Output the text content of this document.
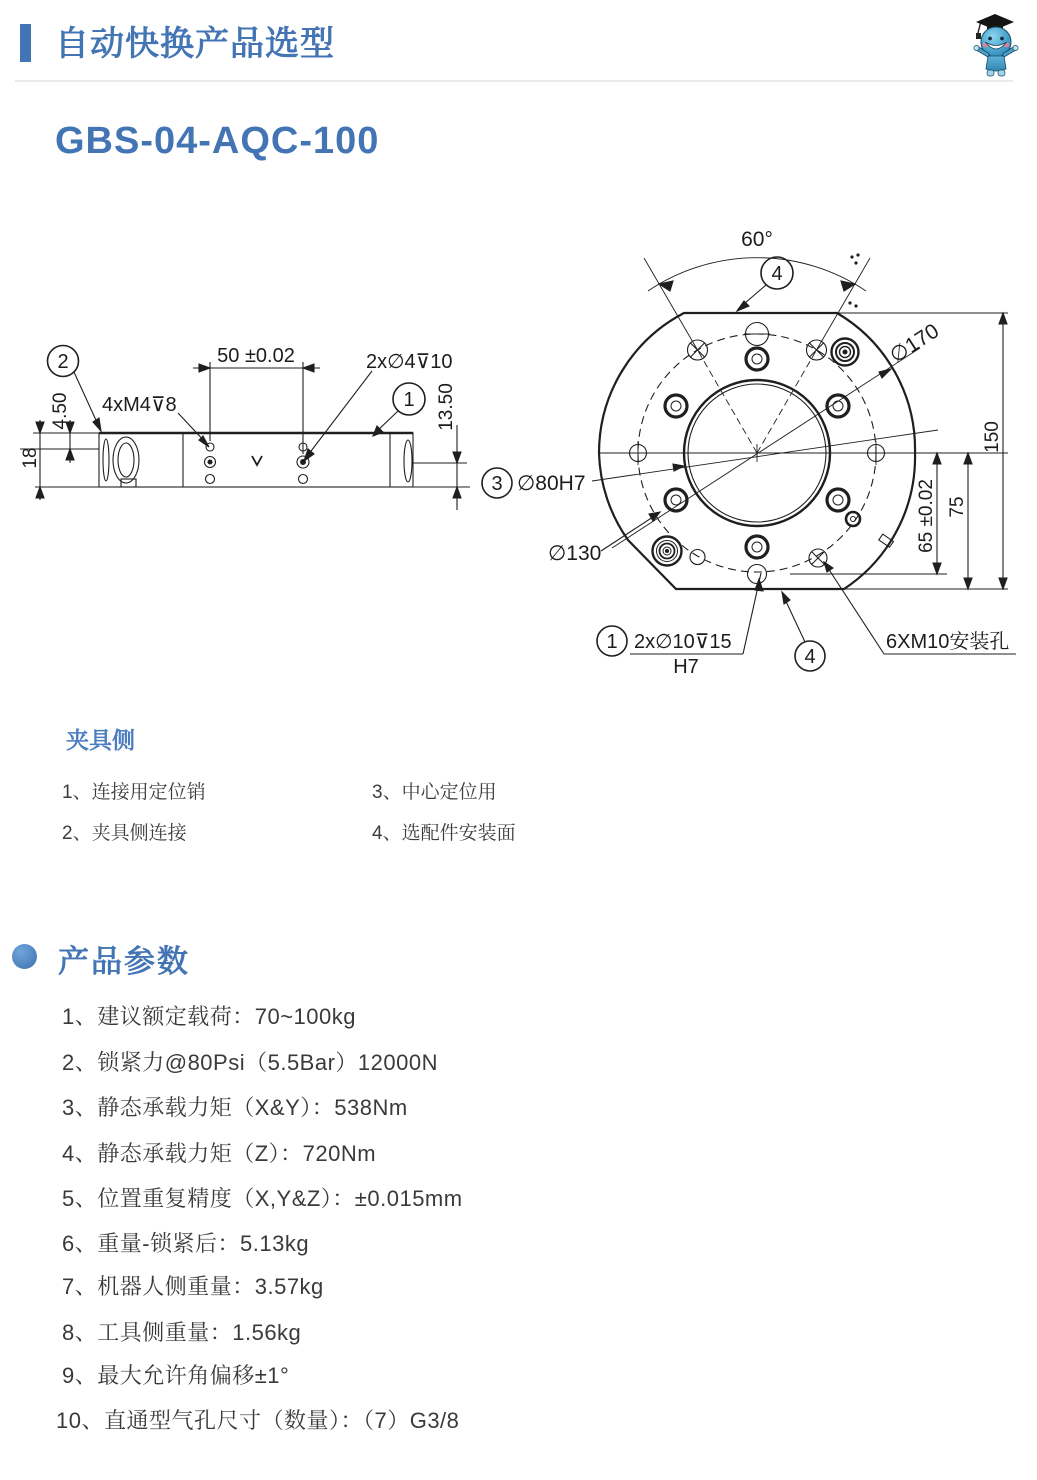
自动快换产品选型
GBS-04-AQC-100
18
4.50
50 ±0.02	2x∅4⊽10
4xM4⊽8
2
1 13.50
60°
4
∅170
3 ∅80H7
∅130
65 ±0.02 75
150
1 2x∅10⊽15
H7	4
6XM10安装孔
夹具侧
1、连接用定位销
2、夹具侧连接
3、中心定位用
4、选配件安装面
产品参数
1、建议额定载荷：70~100kg
2、锁紧力@80Psi（5.5Bar）12000N
3、静态承载力矩（X&Y）：538Nm
4、静态承载力矩（Z）：720Nm
5、位置重复精度（X,Y&Z）：±0.015mm
6、重量-锁紧后：5.13kg
7、机器人侧重量：3.57kg
8、工具侧重量：1.56kg
9、最大允许角偏移±1°
10、直通型气孔尺寸（数量）：（7）G3/8
